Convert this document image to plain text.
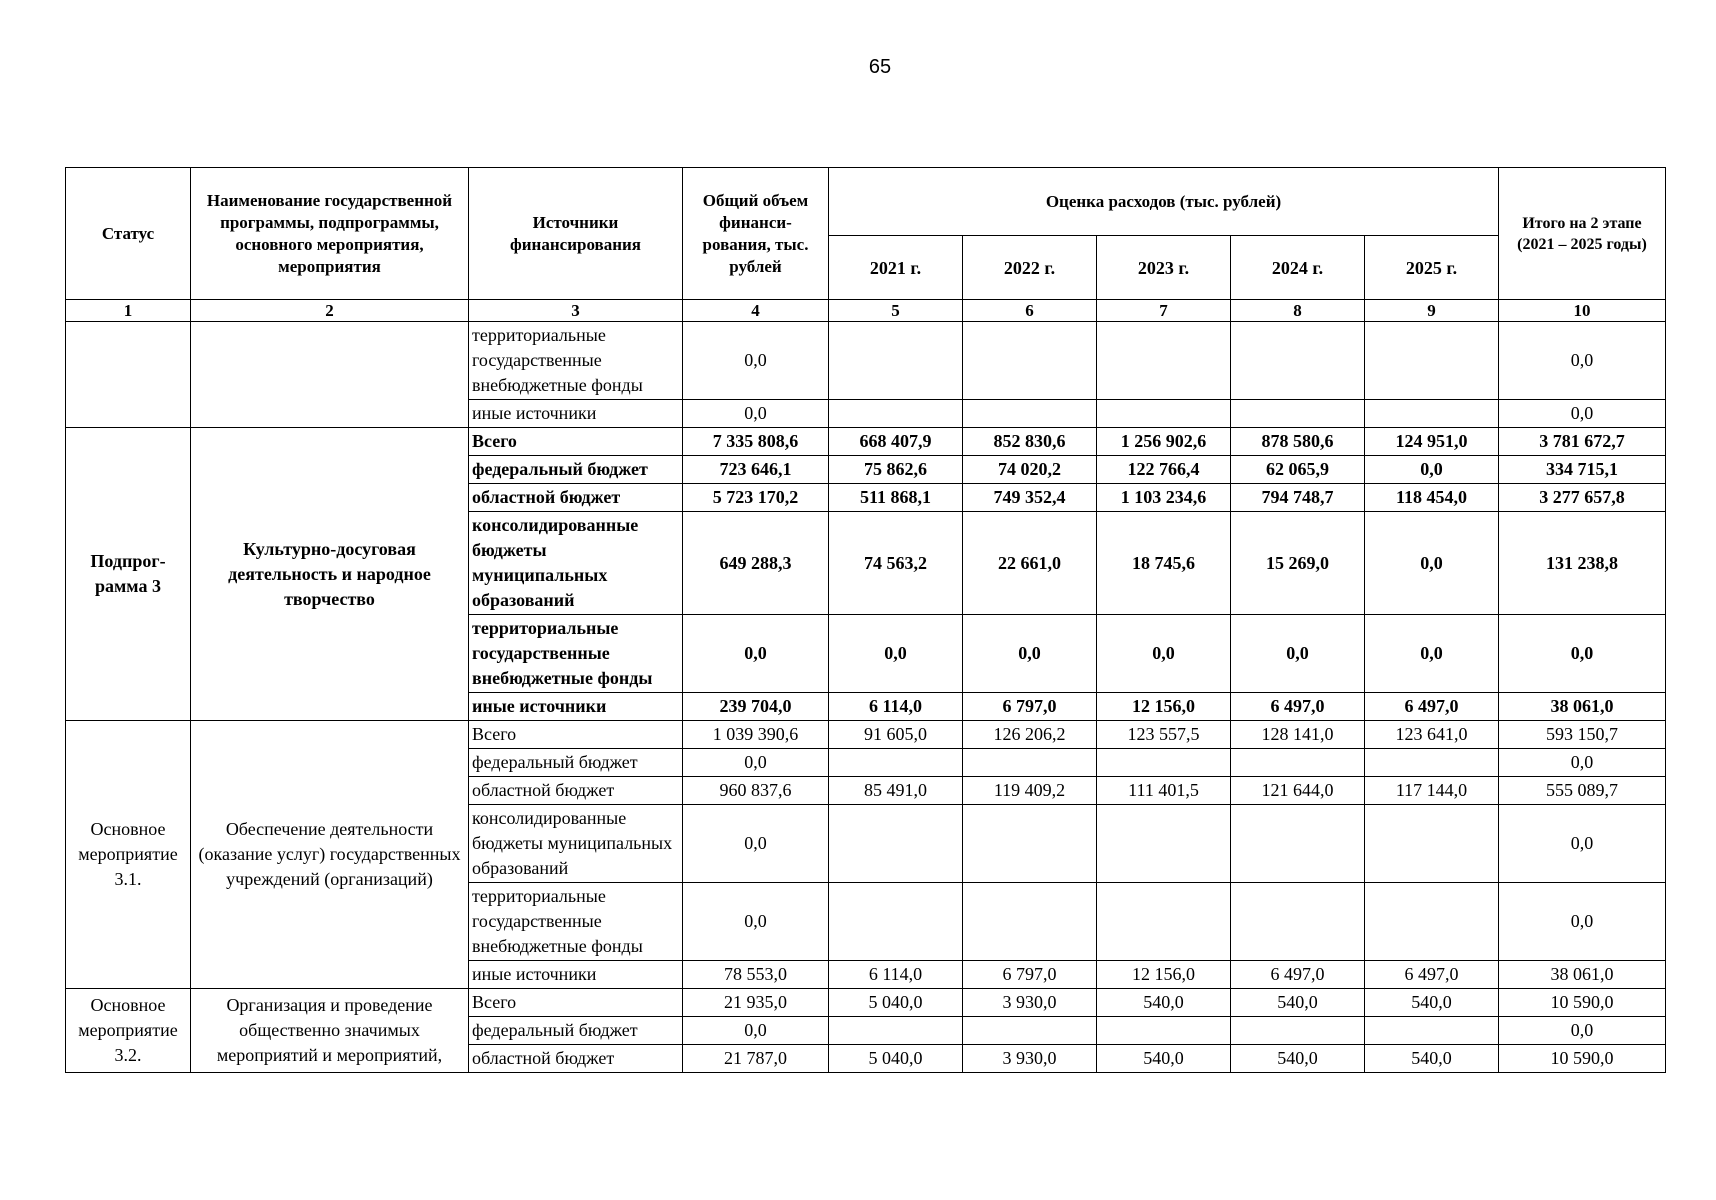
65
Статус	Наименование государственной программы, подпрограммы, основного мероприятия, мероприятия	Источники финансирования	Общий объем финанси-рования, тыс. рублей	Оценка расходов (тыс. рублей)					Итого на 2 этапе (2021 – 2025 годы)
				2021 г.	2022 г.	2023 г.	2024 г.	2025 г.	
1	2	3	4	5	6	7	8	9	10
		территориальные государственные внебюджетные фонды	0,0						0,0
		иные источники	0,0						0,0
Подпрог-рамма 3	Культурно-досуговая деятельность и народное творчество	Всего	7 335 808,6	668 407,9	852 830,6	1 256 902,6	878 580,6	124 951,0	3 781 672,7
		федеральный бюджет	723 646,1	75 862,6	74 020,2	122 766,4	62 065,9	0,0	334 715,1
		областной бюджет	5 723 170,2	511 868,1	749 352,4	1 103 234,6	794 748,7	118 454,0	3 277 657,8
		консолидированные бюджеты муниципальных образований	649 288,3	74 563,2	22 661,0	18 745,6	15 269,0	0,0	131 238,8
		территориальные государственные внебюджетные фонды	0,0	0,0	0,0	0,0	0,0	0,0	0,0
		иные источники	239 704,0	6 114,0	6 797,0	12 156,0	6 497,0	6 497,0	38 061,0
Основное мероприятие 3.1.	Обеспечение деятельности (оказание услуг) государственных учреждений (организаций)	Всего	1 039 390,6	91 605,0	126 206,2	123 557,5	128 141,0	123 641,0	593 150,7
		федеральный бюджет	0,0						0,0
		областной бюджет	960 837,6	85 491,0	119 409,2	111 401,5	121 644,0	117 144,0	555 089,7
		консолидированные бюджеты муниципальных образований	0,0						0,0
		территориальные государственные внебюджетные фонды	0,0						0,0
		иные источники	78 553,0	6 114,0	6 797,0	12 156,0	6 497,0	6 497,0	38 061,0
Основное мероприятие 3.2.	Организация и проведение общественно значимых мероприятий и мероприятий,	Всего	21 935,0	5 040,0	3 930,0	540,0	540,0	540,0	10 590,0
		федеральный бюджет	0,0						0,0
		областной бюджет	21 787,0	5 040,0	3 930,0	540,0	540,0	540,0	10 590,0
